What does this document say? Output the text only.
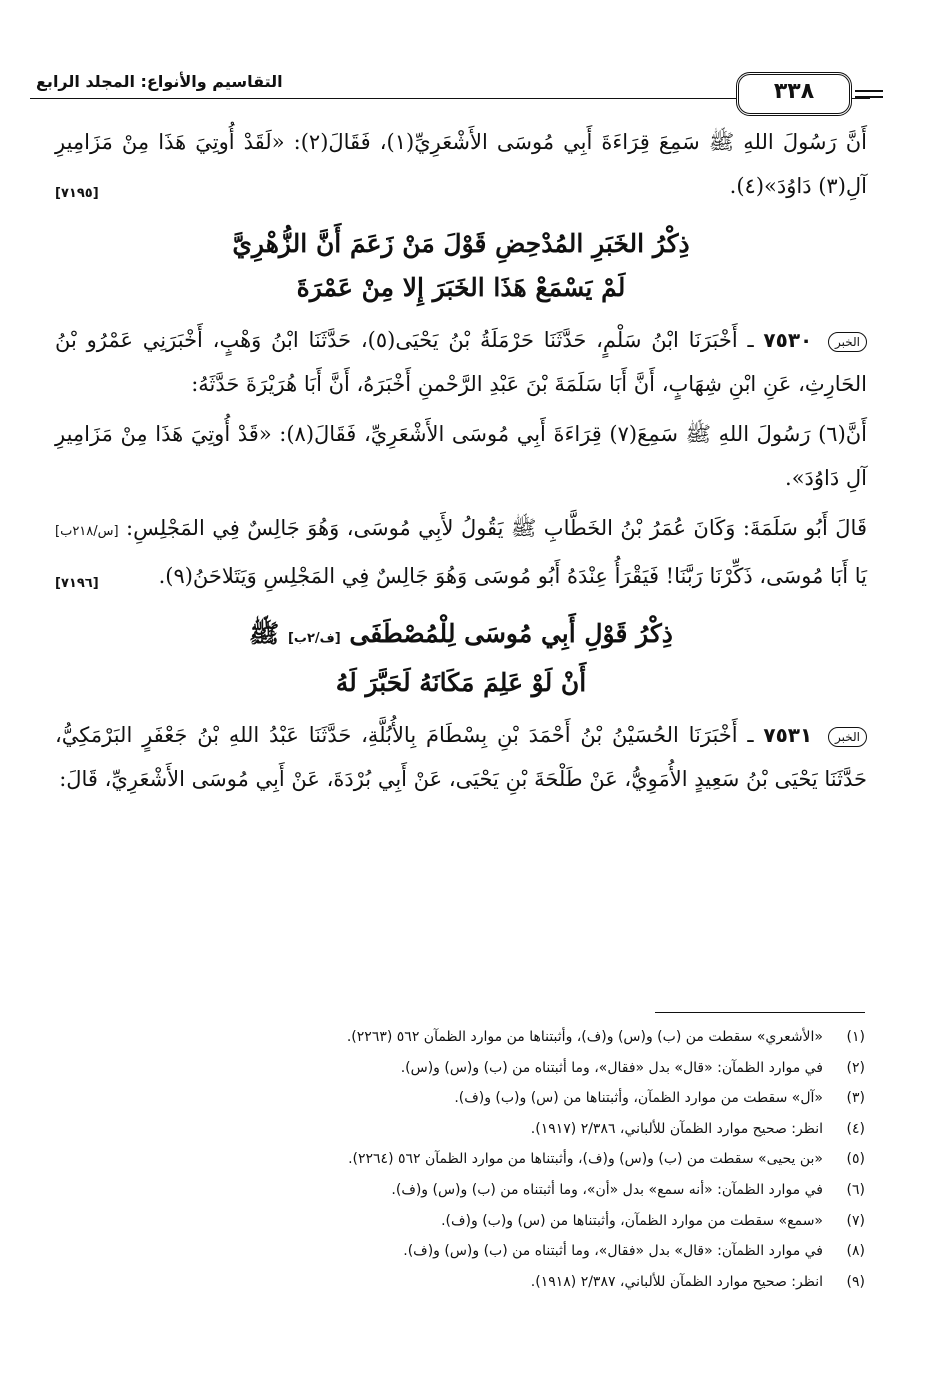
التقاسيم والأنواع: المجلد الرابع	٣٣٨

أَنَّ رَسُولَ اللهِ ﷺ سَمِعَ قِرَاءَةَ أَبِي مُوسَى الأَشْعَرِيِّ(١)، فَقَالَ(٢): «لَقَدْ أُوتِيَ هَذَا مِنْ مَزَامِيرِ آلِ(٣) دَاوُدَ»(٤).
[٧١٩٥]

ذِكْرُ الخَبَرِ المُدْحِضِ قَوْلَ مَنْ زَعَمَ أَنَّ الزُّهْرِيَّ
لَمْ يَسْمَعْ هَذَا الخَبَرَ إِلا مِنْ عَمْرَةَ

الخبر ٧٥٣٠ ـ أَخْبَرَنَا ابْنُ سَلْمٍ، حَدَّثَنَا حَرْمَلَةُ بْنُ يَحْيَى(٥)، حَدَّثَنَا ابْنُ وَهْبٍ، أَخْبَرَنِي عَمْرُو بْنُ الحَارِثِ، عَنِ ابْنِ شِهَابٍ، أَنَّ أَبَا سَلَمَةَ بْنَ عَبْدِ الرَّحْمنِ أَخْبَرَهُ، أَنَّ أَبَا هُرَيْرَةَ حَدَّثَهُ:

أَنَّ(٦) رَسُولَ اللهِ ﷺ سَمِعَ(٧) قِرَاءَةَ أَبِي مُوسَى الأَشْعَرِيِّ، فَقَالَ(٨): «قَدْ أُوتِيَ هَذَا مِنْ مَزَامِيرِ آلِ دَاوُدَ».

قَالَ أَبُو سَلَمَةَ: وَكَانَ عُمَرُ بْنُ الخَطَّابِ ﷺ يَقُولُ لأَبِي مُوسَى، وَهُوَ جَالِسٌ فِي المَجْلِسِ: [س/٢١٨ب] يَا أَبَا مُوسَى، ذَكِّرْنَا رَبَّنَا! فَيَقْرَأُ عِنْدَهُ أَبُو مُوسَى وَهُوَ جَالِسٌ فِي المَجْلِسِ وَيَتَلاحَنُ(٩).
[٧١٩٦]

ذِكْرُ قَوْلِ أَبِي مُوسَى لِلْمُصْطَفَى [ف/٢ب] ﷺ
أَنْ لَوْ عَلِمَ مَكَانَهُ لَحَبَّرَ لَهُ

الخبر ٧٥٣١ ـ أَخْبَرَنَا الحُسَيْنُ بْنُ أَحْمَدَ بْنِ بِسْطَامَ بِالأُبُلَّةِ، حَدَّثَنَا عَبْدُ اللهِ بْنُ جَعْفَرٍ البَرْمَكِيُّ، حَدَّثَنَا يَحْيَى بْنُ سَعِيدٍ الأُمَوِيُّ، عَنْ طَلْحَةَ بْنِ يَحْيَى، عَنْ أَبِي بُرْدَةَ، عَنْ أَبِي مُوسَى الأَشْعَرِيِّ، قَالَ:

(١)«الأشعري» سقطت من (ب) و(س) و(ف)، وأثبتناها من موارد الظمآن ٥٦٢ (٢٢٦٣).
(٢)في موارد الظمآن: «قال» بدل «فقال»، وما أثبتناه من (ب) و(س) و(س).
(٣)«آل» سقطت من موارد الظمآن، وأثبتناها من (س) و(ب) و(ف).
(٤)انظر: صحيح موارد الظمآن للألباني، ٢/٣٨٦ (١٩١٧).
(٥)«بن يحيى» سقطت من (ب) و(س) و(ف)، وأثبتناها من موارد الظمآن ٥٦٢ (٢٢٦٤).
(٦)في موارد الظمآن: «أنه سمع» بدل «أن»، وما أثبتناه من (ب) و(س) و(ف).
(٧)«سمع» سقطت من موارد الظمآن، وأثبتناها من (س) و(ب) و(ف).
(٨)في موارد الظمآن: «قال» بدل «فقال»، وما أثبتناه من (ب) و(س) و(ف).
(٩)انظر: صحيح موارد الظمآن للألباني، ٢/٣٨٧ (١٩١٨).
